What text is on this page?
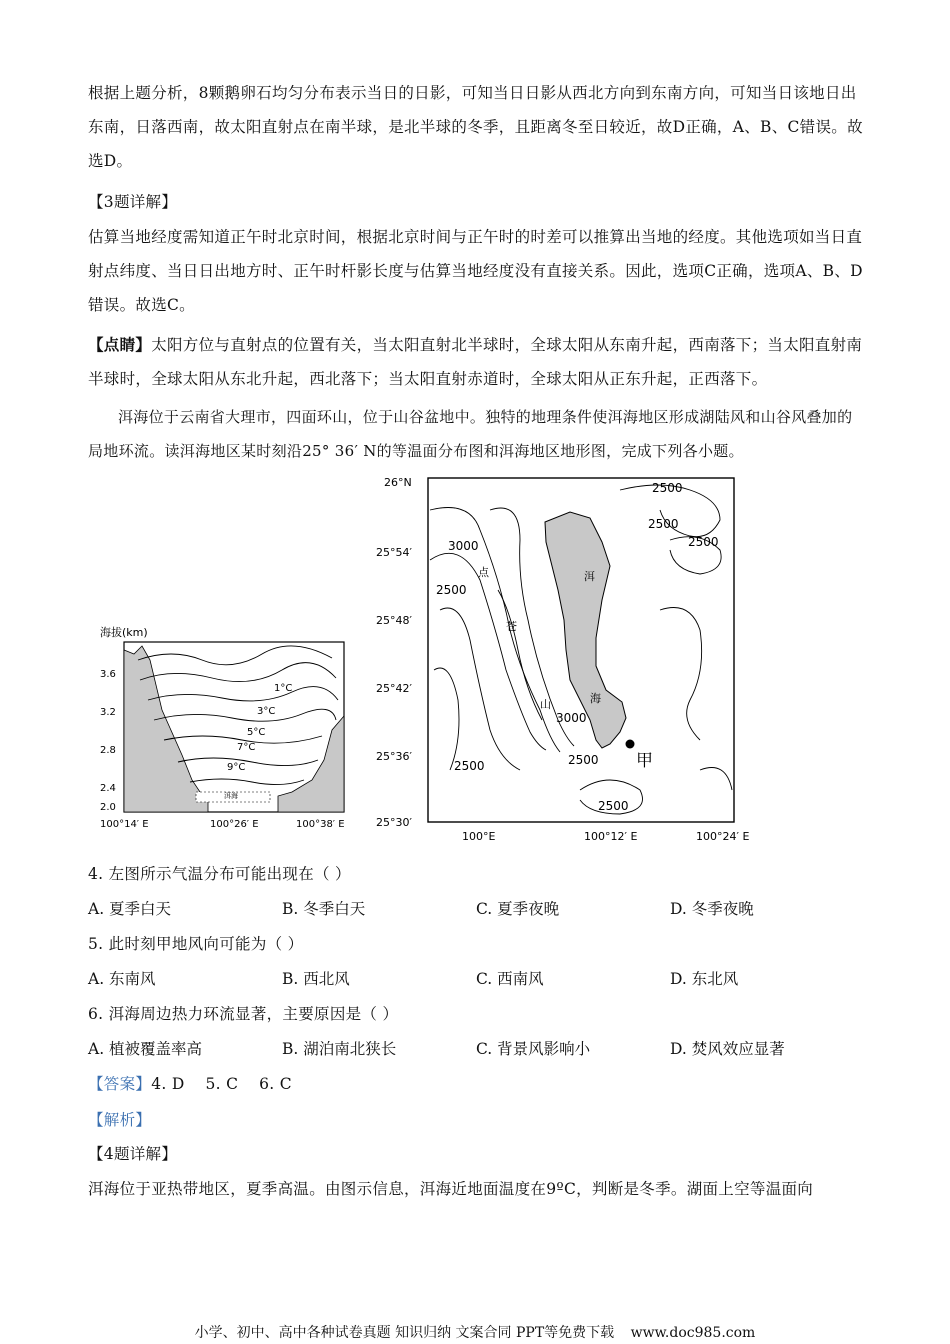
根据上题分析，8颗鹅卵石均匀分布表示当日的日影，可知当日日影从西北方向到东南方向，可知当日该地日出东南，日落西南，故太阳直射点在南半球，是北半球的冬季，且距离冬至日较近，故D正确，A、B、C错误。故选D。
【3题详解】
估算当地经度需知道正午时北京时间，根据北京时间与正午时的时差可以推算出当地的经度。其他选项如当日直射点纬度、当日日出地方时、正午时杆影长度与估算当地经度没有直接关系。因此，选项C正确，选项A、B、D错误。故选C。
【点睛】太阳方位与直射点的位置有关，当太阳直射北半球时，全球太阳从东南升起，西南落下；当太阳直射南半球时，全球太阳从东北升起，西北落下；当太阳直射赤道时，全球太阳从正东升起，正西落下。
洱海位于云南省大理市，四面环山，位于山谷盆地中。独特的地理条件使洱海地区形成湖陆风和山谷风叠加的局地环流。读洱海地区某时刻沿25° 36′ N的等温面分布图和洱海地区地形图，完成下列各小题。
海拔(km)
洱海
1°C
3°C
5°C
7°C
9°C
3.6
3.2
2.8
2.4
2.0
100°14′ E	100°26′ E	100°38′ E
26°N
25°54′
25°48′
25°42′
25°36′
25°30′
100°E	100°12′ E	100°24′ E
甲
洱
海
点
苍
山
2500
2500
2500
3000
2500
3000
2500	2500
2500
4. 左图所示气温分布可能出现在（ ）
A. 夏季白天	B. 冬季白天	C. 夏季夜晚	D. 冬季夜晚
5. 此时刻甲地风向可能为（ ）
A. 东南风	B. 西北风	C. 西南风	D. 东北风
6. 洱海周边热力环流显著，主要原因是（ ）
A. 植被覆盖率高	B. 湖泊南北狭长	C. 背景风影响小	D. 焚风效应显著
【答案】4. D    5. C    6. C
【解析】
【4题详解】
洱海位于亚热带地区，夏季高温。由图示信息，洱海近地面温度在9ºC，判断是冬季。湖面上空等温面向
小学、初中、高中各种试卷真题 知识归纳 文案合同 PPT等免费下载 www.doc985.com
